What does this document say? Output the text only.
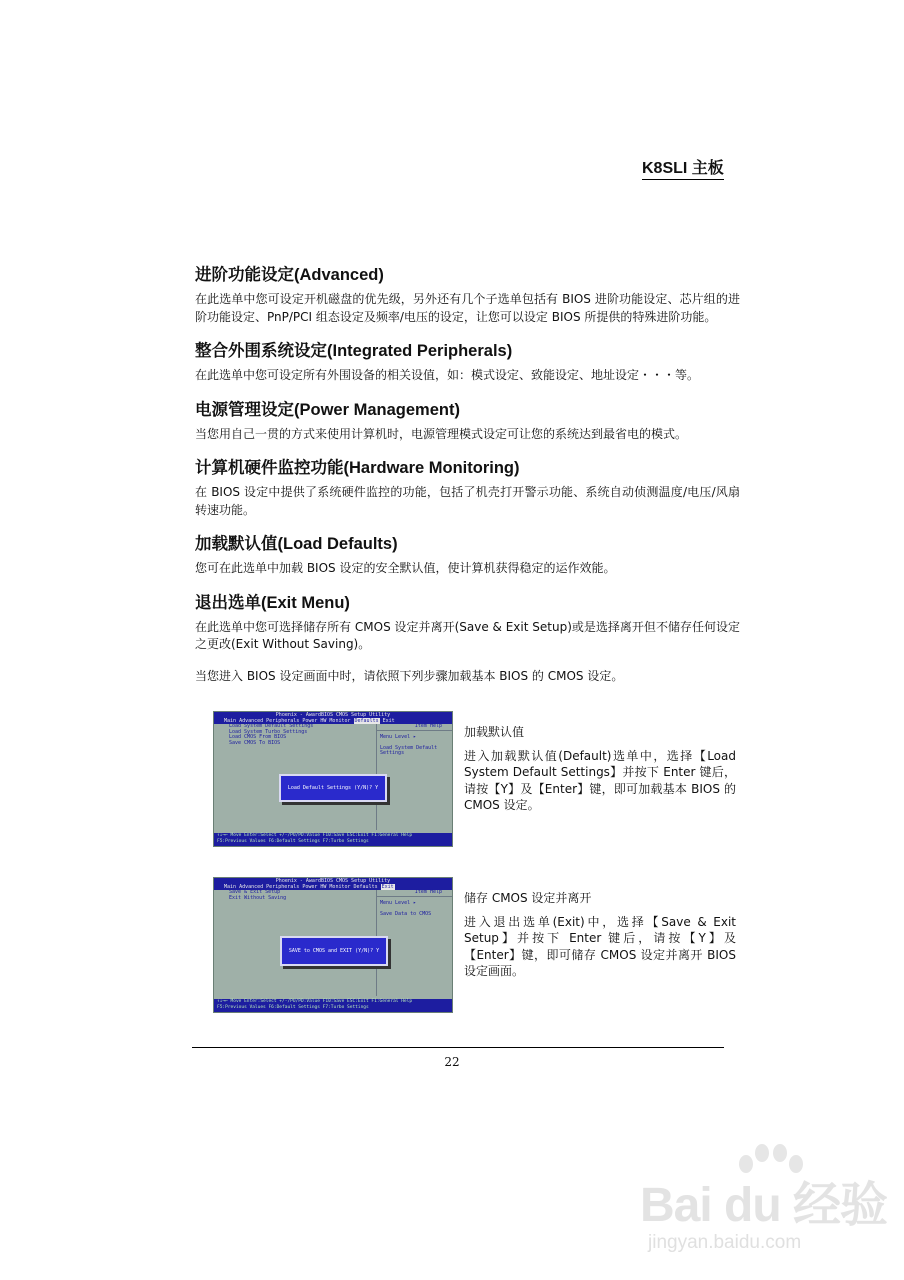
K8SLI 主板
进阶功能设定(Advanced)

在此选单中您可设定开机磁盘的优先级，另外还有几个子选单包括有 BIOS 进阶功能设定、芯片组的进阶功能设定、PnP/PCI 组态设定及频率/电压的设定，让您可以设定 BIOS 所提供的特殊进阶功能。

整合外围系统设定(Integrated Peripherals)

在此选单中您可设定所有外围设备的相关设值，如：模式设定、致能设定、地址设定・・・等。

电源管理设定(Power Management)

当您用自己一贯的方式来使用计算机时，电源管理模式设定可让您的系统达到最省电的模式。

计算机硬件监控功能(Hardware Monitoring)

在 BIOS 设定中提供了系统硬件监控的功能，包括了机壳打开警示功能、系统自动侦测温度/电压/风扇转速功能。

加载默认值(Load Defaults)

您可在此选单中加载 BIOS 设定的安全默认值，使计算机获得稳定的运作效能。

退出选单(Exit Menu)

在此选单中您可选择储存所有 CMOS 设定并离开(Save & Exit Setup)或是选择离开但不储存任何设定之更改(Exit Without Saving)。

当您进入 BIOS 设定画面中时，请依照下列步骤加载基本 BIOS 的 CMOS 设定。

Phoenix - AwardBIOS CMOS Setup Utility
Main Advanced Peripherals Power HW Monitor Defaults Exit
Load System Default Settings
Load System Turbo Settings
Load CMOS From BIOS
Save CMOS To BIOS
Item Help
Menu Level ▸

Load System Default
Settings
Load Default Settings (Y/N)? Y
↑↓→← Move Enter:Select +/-/PU/PD:Value F10:Save ESC:Exit F1:General Help
F5:Previous Values F6:Default Settings F7:Turbo Settings
加载默认值
进入加载默认值(Default)选单中，选择【Load System Default Settings】并按下 Enter 键后，请按【Y】及【Enter】键，即可加载基本 BIOS 的 CMOS 设定。
Phoenix - AwardBIOS CMOS Setup Utility
Main Advanced Peripherals Power HW Monitor Defaults Exit
Save & Exit Setup
Exit Without Saving
Item Help
Menu Level ▸

Save Data to CMOS
SAVE to CMOS and EXIT (Y/N)? Y
↑↓→← Move Enter:Select +/-/PU/PD:Value F10:Save ESC:Exit F1:General Help
F5:Previous Values F6:Default Settings F7:Turbo Settings
储存 CMOS 设定并离开
进入退出选单(Exit)中，选择【Save & Exit Setup】并按下 Enter 键后，请按【Y】及【Enter】键，即可储存 CMOS 设定并离开 BIOS 设定画面。
22
Bai du 经验
jingyan.baidu.com
